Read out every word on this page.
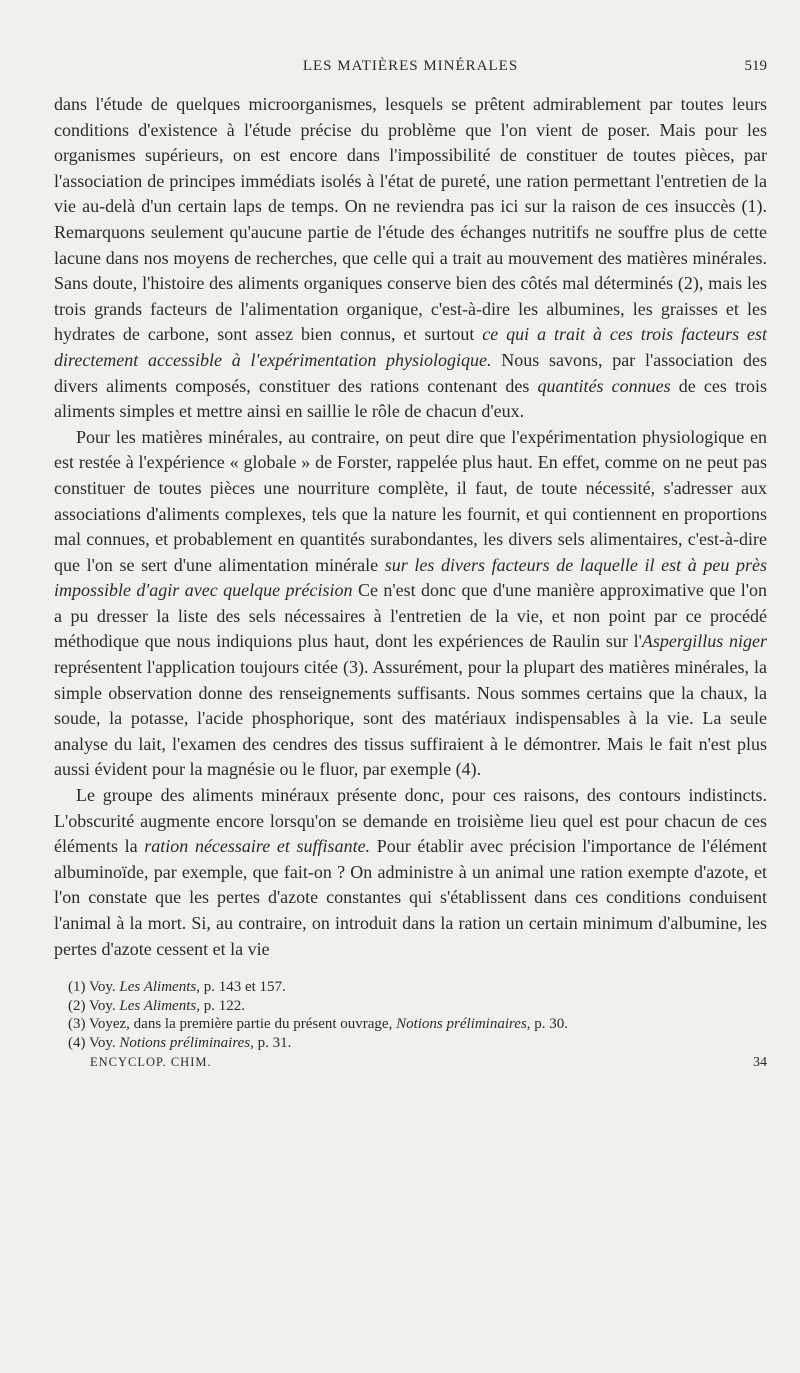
LES MATIÈRES MINÉRALES	519

dans l'étude de quelques microorganismes, lesquels se prêtent admirablement par toutes leurs conditions d'existence à l'étude précise du problème que l'on vient de poser. Mais pour les organismes supérieurs, on est encore dans l'impossibilité de constituer de toutes pièces, par l'association de principes immédiats isolés à l'état de pureté, une ration permettant l'entretien de la vie au-delà d'un certain laps de temps. On ne reviendra pas ici sur la raison de ces insuccès (1). Remarquons seulement qu'aucune partie de l'étude des échanges nutritifs ne souffre plus de cette lacune dans nos moyens de recherches, que celle qui a trait au mouvement des matières minérales. Sans doute, l'histoire des aliments organiques conserve bien des côtés mal déterminés (2), mais les trois grands facteurs de l'alimentation organique, c'est-à-dire les albumines, les graisses et les hydrates de carbone, sont assez bien connus, et surtout ce qui a trait à ces trois facteurs est directement accessible à l'expérimentation physiologique. Nous savons, par l'association des divers aliments composés, constituer des rations contenant des quantités connues de ces trois aliments simples et mettre ainsi en saillie le rôle de chacun d'eux.

Pour les matières minérales, au contraire, on peut dire que l'expérimentation physiologique en est restée à l'expérience « globale » de Forster, rappelée plus haut. En effet, comme on ne peut pas constituer de toutes pièces une nourriture complète, il faut, de toute nécessité, s'adresser aux associations d'aliments complexes, tels que la nature les fournit, et qui contiennent en proportions mal connues, et probablement en quantités surabondantes, les divers sels alimentaires, c'est-à-dire que l'on se sert d'une alimentation minérale sur les divers facteurs de laquelle il est à peu près impossible d'agir avec quelque précision Ce n'est donc que d'une manière approximative que l'on a pu dresser la liste des sels nécessaires à l'entretien de la vie, et non point par ce procédé méthodique que nous indiquions plus haut, dont les expériences de Raulin sur l'Aspergillus niger représentent l'application toujours citée (3). Assurément, pour la plupart des matières minérales, la simple observation donne des renseignements suffisants. Nous sommes certains que la chaux, la soude, la potasse, l'acide phosphorique, sont des matériaux indispensables à la vie. La seule analyse du lait, l'examen des cendres des tissus suffiraient à le démontrer. Mais le fait n'est plus aussi évident pour la magnésie ou le fluor, par exemple (4).

Le groupe des aliments minéraux présente donc, pour ces raisons, des contours indistincts. L'obscurité augmente encore lorsqu'on se demande en troisième lieu quel est pour chacun de ces éléments la ration nécessaire et suffisante. Pour établir avec précision l'importance de l'élément albuminoïde, par exemple, que fait-on ? On administre à un animal une ration exempte d'azote, et l'on constate que les pertes d'azote constantes qui s'établissent dans ces conditions conduisent l'animal à la mort. Si, au contraire, on introduit dans la ration un certain minimum d'albumine, les pertes d'azote cessent et la vie

(1) Voy. Les Aliments, p. 143 et 157.
(2) Voy. Les Aliments, p. 122.
(3) Voyez, dans la première partie du présent ouvrage, Notions préliminaires, p. 30.
(4) Voy. Notions préliminaires, p. 31.
ENCYCLOP. CHIM.	34
